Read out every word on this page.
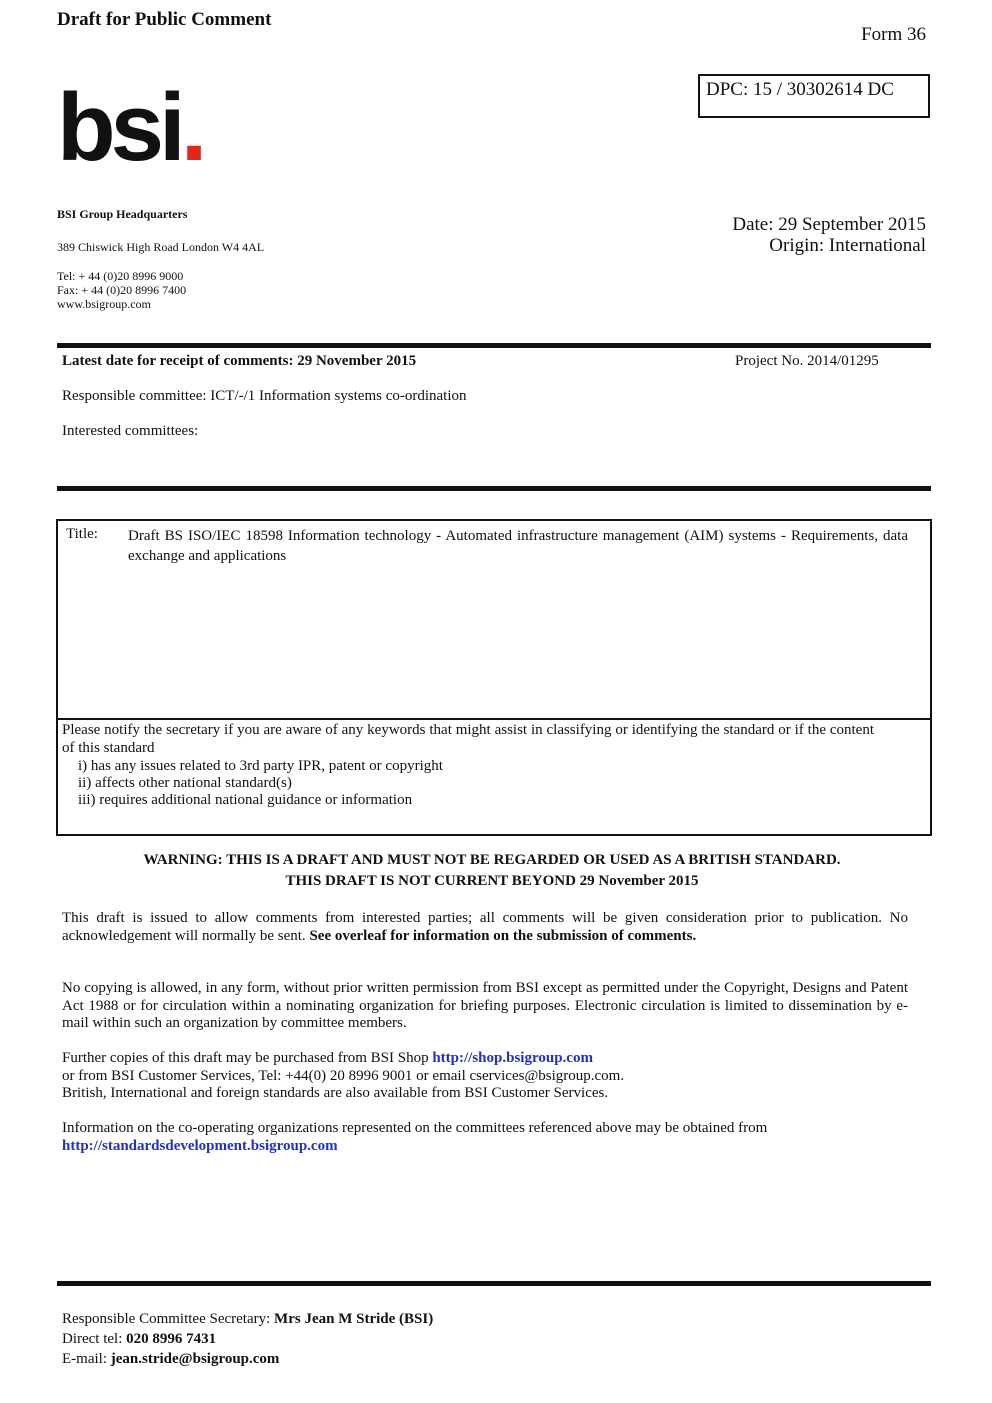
Draft for Public Comment
Form 36
DPC: 15 / 30302614 DC
bsi.
BSI Group Headquarters
389 Chiswick High Road London W4 4AL
Tel: + 44 (0)20 8996 9000
Fax: + 44 (0)20 8996 7400
www.bsigroup.com
Date: 29 September 2015
Origin: International
Latest date for receipt of comments: 29 November 2015	Project No. 2014/01295
Responsible committee: ICT/-/1 Information systems co-ordination
Interested committees:
Title: Draft BS ISO/IEC 18598 Information technology - Automated infrastructure management (AIM) systems - Requirements, data exchange and applications
Please notify the secretary if you are aware of any keywords that might assist in classifying or identifying the standard or if the content of this standard
i) has any issues related to 3rd party IPR, patent or copyright
ii) affects other national standard(s)
iii) requires additional national guidance or information
WARNING: THIS IS A DRAFT AND MUST NOT BE REGARDED OR USED AS A BRITISH STANDARD.
THIS DRAFT IS NOT CURRENT BEYOND 29 November 2015
This draft is issued to allow comments from interested parties; all comments will be given consideration prior to publication. No acknowledgement will normally be sent. See overleaf for information on the submission of comments.
No copying is allowed, in any form, without prior written permission from BSI except as permitted under the Copyright, Designs and Patent Act 1988 or for circulation within a nominating organization for briefing purposes. Electronic circulation is limited to dissemination by e-mail within such an organization by committee members.
Further copies of this draft may be purchased from BSI Shop http://shop.bsigroup.com
or from BSI Customer Services, Tel: +44(0) 20 8996 9001 or email cservices@bsigroup.com.
British, International and foreign standards are also available from BSI Customer Services.
Information on the co-operating organizations represented on the committees referenced above may be obtained from
http://standardsdevelopment.bsigroup.com
Responsible Committee Secretary: Mrs Jean M Stride (BSI)
Direct tel: 020 8996 7431
E-mail: jean.stride@bsigroup.com
